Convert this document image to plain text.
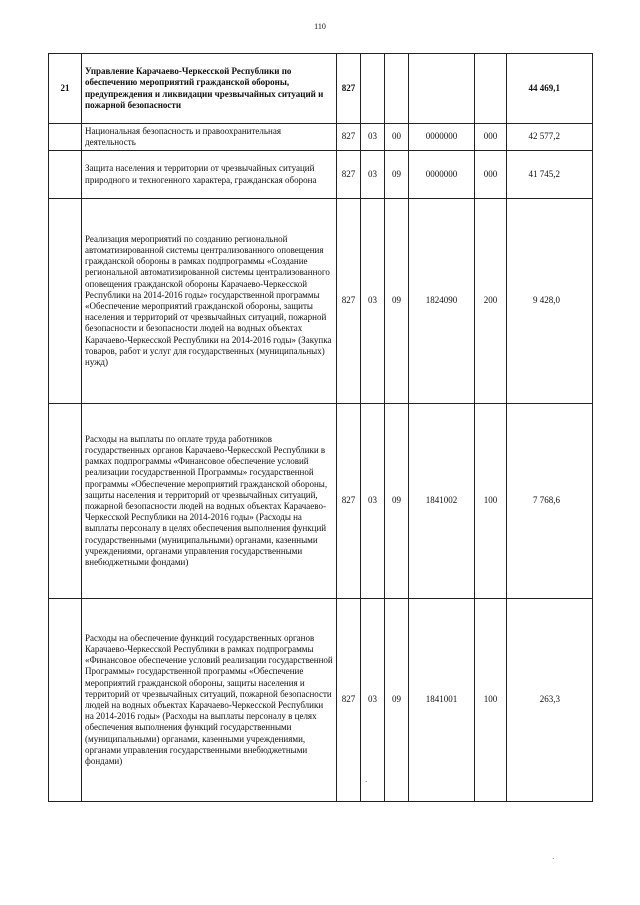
110
21	Управление Карачаево-Черкесской Республики по обеспечению мероприятий гражданской обороны, предупреждения и ликвидации чрезвычайных ситуаций и пожарной безопасности	827					44 469,1
	Национальная безопасность и правоохранительная деятельность	827	03	00	0000000	000	42 577,2
	Защита населения и территории от чрезвычайных ситуаций природного и техногенного характера, гражданская оборона	827	03	09	0000000	000	41 745,2
	Реализация мероприятий по созданию региональной автоматизированной системы централизованного оповещения гражданской обороны в рамках подпрограммы «Создание региональной автоматизированной системы централизованного оповещения гражданской обороны Карачаево-Черкесской Республики на 2014-2016 годы» государственной программы «Обеспечение мероприятий гражданской обороны, защиты населения и территорий от чрезвычайных ситуаций, пожарной безопасности и безопасности людей на водных объектах Карачаево-Черкесской Республики на 2014-2016 годы» (Закупка товаров, работ и услуг для государственных (муниципальных) нужд)	827	03	09	1824090	200	9 428,0
	Расходы на выплаты по оплате труда работников государственных органов Карачаево-Черкесской Республики в рамках подпрограммы «Финансовое обеспечение условий реализации государственной Программы» государственной программы «Обеспечение мероприятий гражданской обороны, защиты населения и территорий от чрезвычайных ситуаций, пожарной безопасности людей на водных объектах Карачаево-Черкесской Республики на 2014-2016 годы» (Расходы на выплаты персоналу в целях обеспечения выполнения функций государственными (муниципальными) органами, казенными учреждениями, органами управления государственными внебюджетными фондами)	827	03	09	1841002	100	7 768,6
	Расходы на обеспечение функций государственных органов Карачаево-Черкесской Республики в рамках подпрограммы «Финансовое обеспечение условий реализации государственной Программы» государственной программы «Обеспечение мероприятий гражданской обороны, защиты населения и территорий от чрезвычайных ситуаций, пожарной безопасности людей на водных объектах Карачаево-Черкесской Республики на 2014-2016 годы» (Расходы на выплаты персоналу в целях обеспечения выполнения функций государственными (муниципальными) органами, казенными учреждениями, органами управления государственными внебюджетными фондами)	827	03	09	1841001	100	263,3
·
·
